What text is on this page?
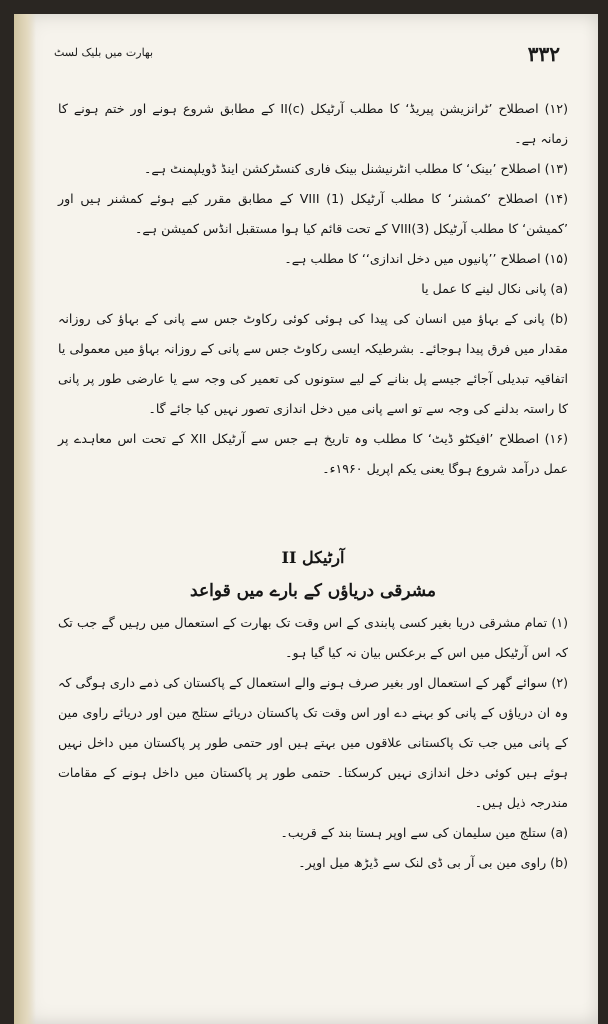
۳۳۲
بھارت میں بلیک لسٹ

(۱۲) اصطلاح ’ٹرانزیشن پیریڈ‘ کا مطلب آرٹیکل II(c) کے مطابق شروع ہونے اور ختم ہونے کا زمانہ ہے۔

(۱۳) اصطلاح ’بینک‘ کا مطلب انٹرنیشنل بینک فاری کنسٹرکشن اینڈ ڈویلپمنٹ ہے۔

(۱۴) اصطلاح ’کمشنر‘ کا مطلب آرٹیکل VIII (1) کے مطابق مقرر کیے ہوئے کمشنر ہیں اور ’کمیشن‘ کا مطلب آرٹیکل VIII(3) کے تحت قائم کیا ہوا مستقبل انڈس کمیشن ہے۔

(۱۵) اصطلاح ’’پانیوں میں دخل اندازی‘‘ کا مطلب ہے۔

(a) پانی نکال لینے کا عمل یا

(b) پانی کے بہاؤ میں انسان کی پیدا کی ہوئی کوئی رکاوٹ جس سے پانی کے بہاؤ کی روزانہ مقدار میں فرق پیدا ہوجائے۔ بشرطیکہ ایسی رکاوٹ جس سے پانی کے روزانہ بہاؤ میں معمولی یا اتفاقیہ تبدیلی آجائے جیسے پل بنانے کے لیے ستونوں کی تعمیر کی وجہ سے یا عارضی طور پر پانی کا راستہ بدلنے کی وجہ سے تو اسے پانی میں دخل اندازی تصور نہیں کیا جائے گا۔

(۱۶) اصطلاح ’افیکٹو ڈیٹ‘ کا مطلب وہ تاریخ ہے جس سے آرٹیکل XII کے تحت اس معاہدے پر عمل درآمد شروع ہوگا یعنی یکم اپریل ۱۹۶۰ء۔

آرٹیکل II
مشرقی دریاؤں کے بارے میں قواعد

(۱) تمام مشرقی دریا بغیر کسی پابندی کے اس وقت تک بھارت کے استعمال میں رہیں گے جب تک کہ اس آرٹیکل میں اس کے برعکس بیان نہ کیا گیا ہو۔

(۲) سوائے گھر کے استعمال اور بغیر صرف ہونے والے استعمال کے پاکستان کی ذمے داری ہوگی کہ وہ ان دریاؤں کے پانی کو بہنے دے اور اس وقت تک پاکستان دریائے ستلج مین اور دریائے راوی مین کے پانی میں جب تک پاکستانی علاقوں میں بہتے ہیں اور حتمی طور پر پاکستان میں داخل نہیں ہوئے ہیں کوئی دخل اندازی نہیں کرسکتا۔ حتمی طور پر پاکستان میں داخل ہونے کے مقامات مندرجہ ذیل ہیں۔

(a) ستلج مین سلیمان کی سے اوپر ہستا بند کے قریب۔

(b) راوی مین بی آر بی ڈی لنک سے ڈیڑھ میل اوپر۔
